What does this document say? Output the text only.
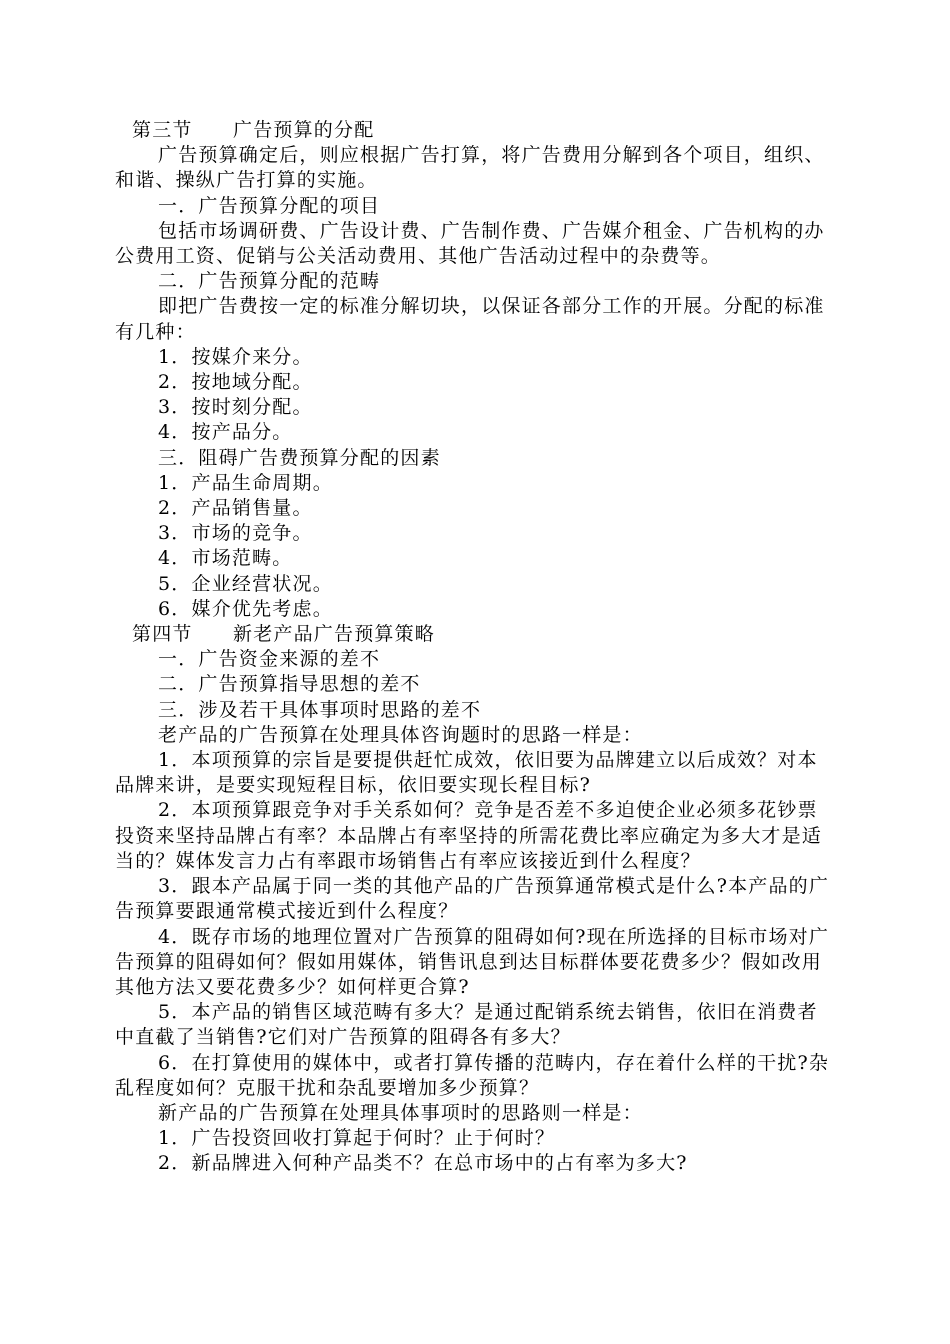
第三节　　广告预算的分配

广告预算确定后，则应根据广告打算，将广告费用分解到各个项目，组织、和谐、操纵广告打算的实施。

一．广告预算分配的项目

包括市场调研费、广告设计费、广告制作费、广告媒介租金、广告机构的办公费用工资、促销与公关活动费用、其他广告活动过程中的杂费等。

二．广告预算分配的范畴

即把广告费按一定的标准分解切块，以保证各部分工作的开展。分配的标准有几种：

1．按媒介来分。

2．按地域分配。

3．按时刻分配。

4．按产品分。

三．阻碍广告费预算分配的因素

1．产品生命周期。

2．产品销售量。

3．市场的竞争。

4．市场范畴。

5．企业经营状况。

6．媒介优先考虑。

第四节　　新老产品广告预算策略

一．广告资金来源的差不

二．广告预算指导思想的差不

三．涉及若干具体事项时思路的差不

老产品的广告预算在处理具体咨询题时的思路一样是：

1．本项预算的宗旨是要提供赶忙成效，依旧要为品牌建立以后成效？对本品牌来讲，是要实现短程目标，依旧要实现长程目标?

2．本项预算跟竞争对手关系如何？竞争是否差不多迫使企业必须多花钞票投资来坚持品牌占有率？本品牌占有率坚持的所需花费比率应确定为多大才是适当的？媒体发言力占有率跟市场销售占有率应该接近到什么程度？

3．跟本产品属于同一类的其他产品的广告预算通常模式是什么?本产品的广告预算要跟通常模式接近到什么程度？

4．既存市场的地理位置对广告预算的阻碍如何?现在所选择的目标市场对广告预算的阻碍如何？假如用媒体，销售讯息到达目标群体要花费多少？假如改用其他方法又要花费多少？如何样更合算?

5．本产品的销售区域范畴有多大？是通过配销系统去销售，依旧在消费者中直截了当销售?它们对广告预算的阻碍各有多大？

6．在打算使用的媒体中，或者打算传播的范畴内，存在着什么样的干扰?杂乱程度如何？克服干扰和杂乱要增加多少预算？

新产品的广告预算在处理具体事项时的思路则一样是：

1．广告投资回收打算起于何时？止于何时？

2．新品牌进入何种产品类不？在总市场中的占有率为多大?
